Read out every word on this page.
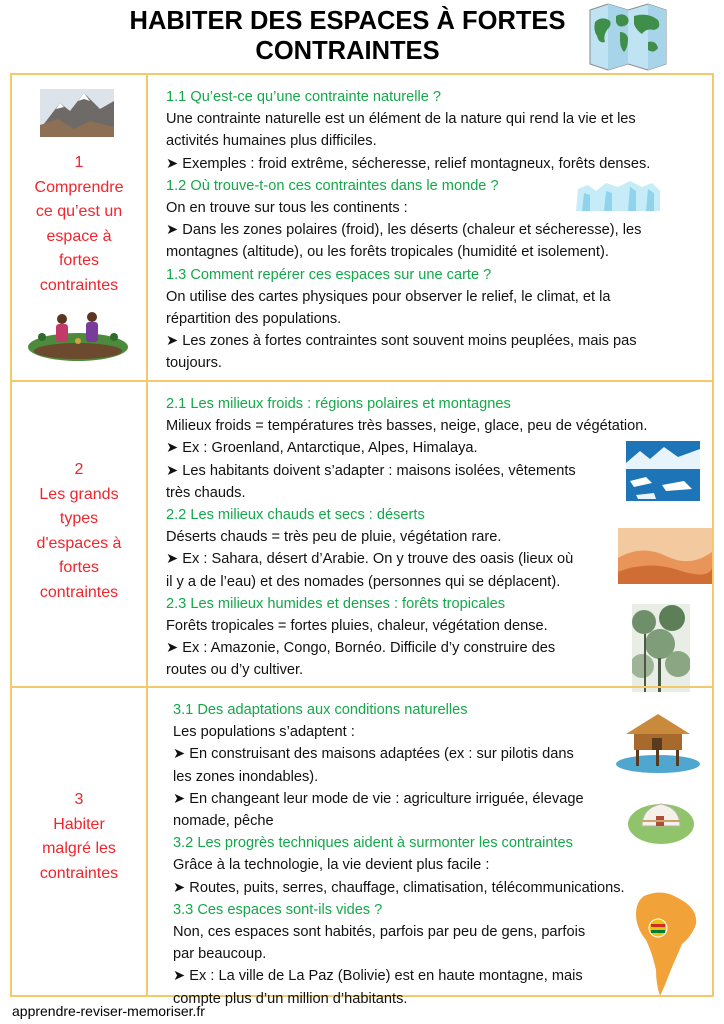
HABITER DES ESPACES À FORTES
CONTRAINTES
1
Comprendre
ce qu’est un
espace à
fortes
contraintes

1.1 Qu’est-ce qu’une contrainte naturelle ?

Une contrainte naturelle est un élément de la nature qui rend la vie et les

activités humaines plus difficiles.

➤ Exemples : froid extrême, sécheresse, relief montagneux, forêts denses.

1.2 Où trouve-t-on ces contraintes dans le monde ?

On en trouve sur tous les continents :

➤ Dans les zones polaires (froid), les déserts (chaleur et sécheresse), les

montagnes (altitude), ou les forêts tropicales (humidité et isolement).

1.3 Comment repérer ces espaces sur une carte ?

On utilise des cartes physiques pour observer le relief, le climat, et la

répartition des populations.

➤ Les zones à fortes contraintes sont souvent moins peuplées, mais pas

toujours.

2
Les grands
types
d'espaces à
fortes
contraintes

2.1 Les milieux froids : régions polaires et montagnes

Milieux froids = températures très basses, neige, glace, peu de végétation.

➤ Ex : Groenland, Antarctique, Alpes, Himalaya.

➤ Les habitants doivent s’adapter : maisons isolées, vêtements

très chauds.

2.2 Les milieux chauds et secs : déserts

Déserts chauds = très peu de pluie, végétation rare.

➤ Ex : Sahara, désert d’Arabie. On y trouve des oasis (lieux où

il y a de l’eau) et des nomades (personnes qui se déplacent).

2.3 Les milieux humides et denses : forêts tropicales

Forêts tropicales = fortes pluies, chaleur, végétation dense.

➤ Ex : Amazonie, Congo, Bornéo. Difficile d’y construire des

routes ou d’y cultiver.

3
Habiter
malgré les
contraintes

3.1 Des adaptations aux conditions naturelles

Les populations s’adaptent :

➤ En construisant des maisons adaptées (ex : sur pilotis dans

les zones inondables).

➤ En changeant leur mode de vie : agriculture irriguée, élevage

nomade, pêche

3.2 Les progrès techniques aident à surmonter les contraintes

Grâce à la technologie, la vie devient plus facile :

➤ Routes, puits, serres, chauffage, climatisation, télécommunications.

3.3 Ces espaces sont-ils vides ?

Non, ces espaces sont habités, parfois par peu de gens, parfois

par beaucoup.

➤ Ex : La ville de La Paz (Bolivie) est en haute montagne, mais

compte plus d’un million d’habitants.

apprendre-reviser-memoriser.fr
